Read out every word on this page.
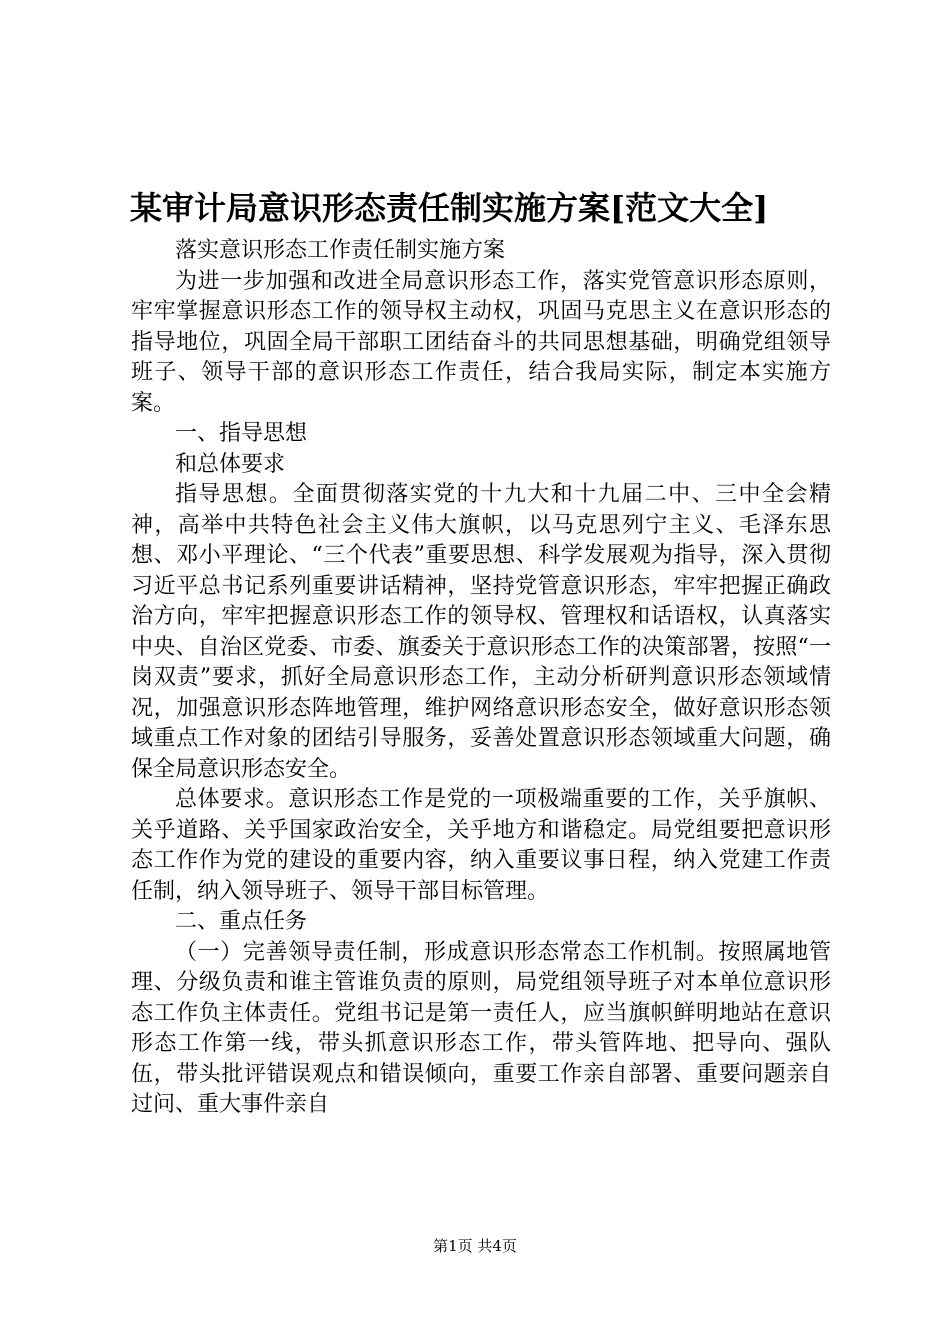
某审计局意识形态责任制实施方案[范文大全]

落实意识形态工作责任制实施方案

为进一步加强和改进全局意识形态工作，落实党管意识形态原则，牢牢掌握意识形态工作的领导权主动权，巩固马克思主义在意识形态的指导地位，巩固全局干部职工团结奋斗的共同思想基础，明确党组领导班子、领导干部的意识形态工作责任，结合我局实际，制定本实施方案。

一、指导思想

和总体要求

指导思想。全面贯彻落实党的十九大和十九届二中、三中全会精神，高举中共特色社会主义伟大旗帜，以马克思列宁主义、毛泽东思想、邓小平理论、“三个代表”重要思想、科学发展观为指导，深入贯彻习近平总书记系列重要讲话精神，坚持党管意识形态，牢牢把握正确政治方向，牢牢把握意识形态工作的领导权、管理权和话语权，认真落实中央、自治区党委、市委、旗委关于意识形态工作的决策部署，按照“一岗双责”要求，抓好全局意识形态工作，主动分析研判意识形态领域情况，加强意识形态阵地管理，维护网络意识形态安全，做好意识形态领域重点工作对象的团结引导服务，妥善处置意识形态领域重大问题，确保全局意识形态安全。

总体要求。意识形态工作是党的一项极端重要的工作，关乎旗帜、关乎道路、关乎国家政治安全，关乎地方和谐稳定。局党组要把意识形态工作作为党的建设的重要内容，纳入重要议事日程，纳入党建工作责任制，纳入领导班子、领导干部目标管理。

二、重点任务

（一）完善领导责任制，形成意识形态常态工作机制。按照属地管理、分级负责和谁主管谁负责的原则，局党组领导班子对本单位意识形态工作负主体责任。党组书记是第一责任人，应当旗帜鲜明地站在意识形态工作第一线，带头抓意识形态工作，带头管阵地、把导向、强队伍，带头批评错误观点和错误倾向，重要工作亲自部署、重要问题亲自过问、重大事件亲自

第1页 共4页
